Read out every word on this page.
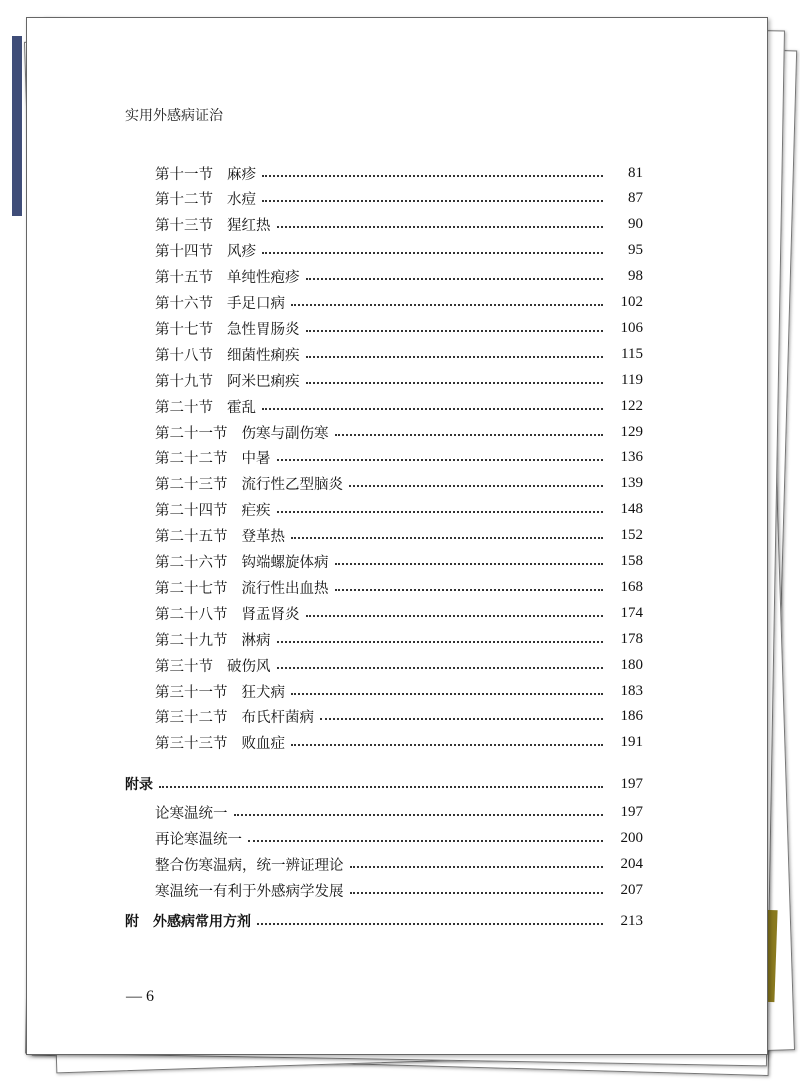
实用外感病证治
第十一节 麻疹	81
第十二节 水痘	87
第十三节 猩红热	90
第十四节 风疹	95
第十五节 单纯性疱疹	98
第十六节 手足口病	102
第十七节 急性胃肠炎	106
第十八节 细菌性痢疾	115
第十九节 阿米巴痢疾	119
第二十节 霍乱	122
第二十一节 伤寒与副伤寒	129
第二十二节 中暑	136
第二十三节 流行性乙型脑炎	139
第二十四节 疟疾	148
第二十五节 登革热	152
第二十六节 钩端螺旋体病	158
第二十七节 流行性出血热	168
第二十八节 肾盂肾炎	174
第二十九节 淋病	178
第三十节 破伤风	180
第三十一节 狂犬病	183
第三十二节 布氏杆菌病	186
第三十三节 败血症	191
附录	197
论寒温统一	197
再论寒温统一	200
整合伤寒温病，统一辨证理论	204
寒温统一有利于外感病学发展	207
附　外感病常用方剂	213
— 6
